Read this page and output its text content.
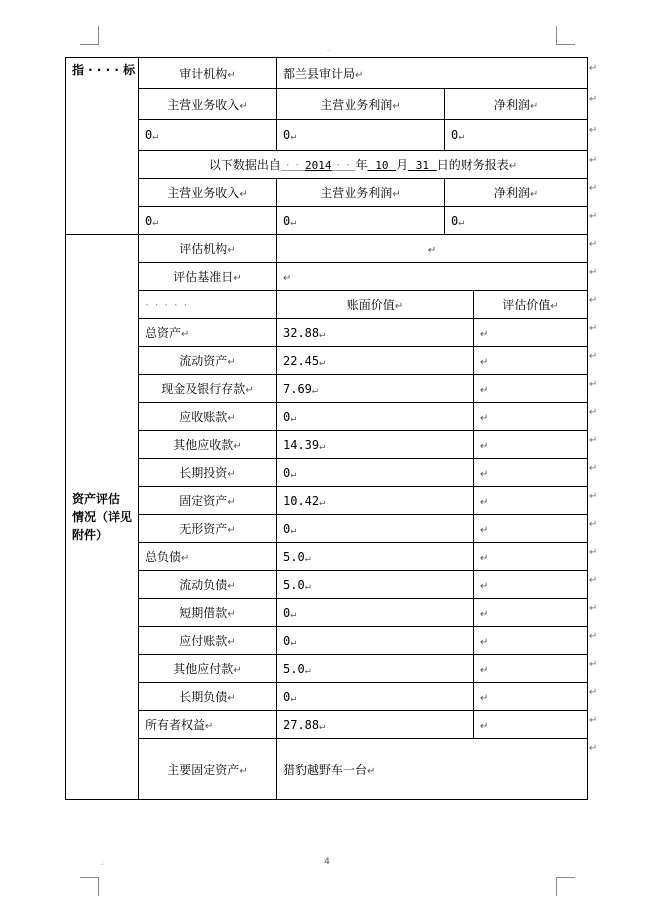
.:
.:	4
指 · · · · 标	审计机构↵	都兰县审计局↵		
	主营业务收入↵	主营业务利润↵	净利润↵	
	0↵	0↵	0↵	
	以下数据出自 · · 2014 · · 年 10 月 31 日的财务报表↵			
	主营业务收入↵	主营业务利润↵	净利润↵	
	0↵	0↵	0↵	

资产评估
情况（详见
附件）	评估机构↵	↵		
	评估基准日↵	↵		
	· · · · ·	账面价值↵		评估价值↵
	总资产↵	32.88↵		↵
	流动资产↵	22.45↵		↵
	现金及银行存款↵	7.69↵		↵
	应收账款↵	0↵		↵
	其他应收款↵	14.39↵		↵
	长期投资↵	0↵		↵
	固定资产↵	10.42↵		↵
	无形资产↵	0↵		↵
	总负债↵	5.0↵		↵
	流动负债↵	5.0↵		↵
	短期借款↵	0↵		↵
	应付账款↵	0↵		↵
	其他应付款↵	5.0↵		↵
	长期负债↵	0↵		↵
	所有者权益↵	27.88↵		↵
	主要固定资产↵	猎豹越野车一台↵		
↵
↵
↵
↵
↵
↵
↵
↵
↵
↵
↵
↵
↵
↵
↵
↵
↵
↵
↵
↵
↵
↵
↵
↵
↵
